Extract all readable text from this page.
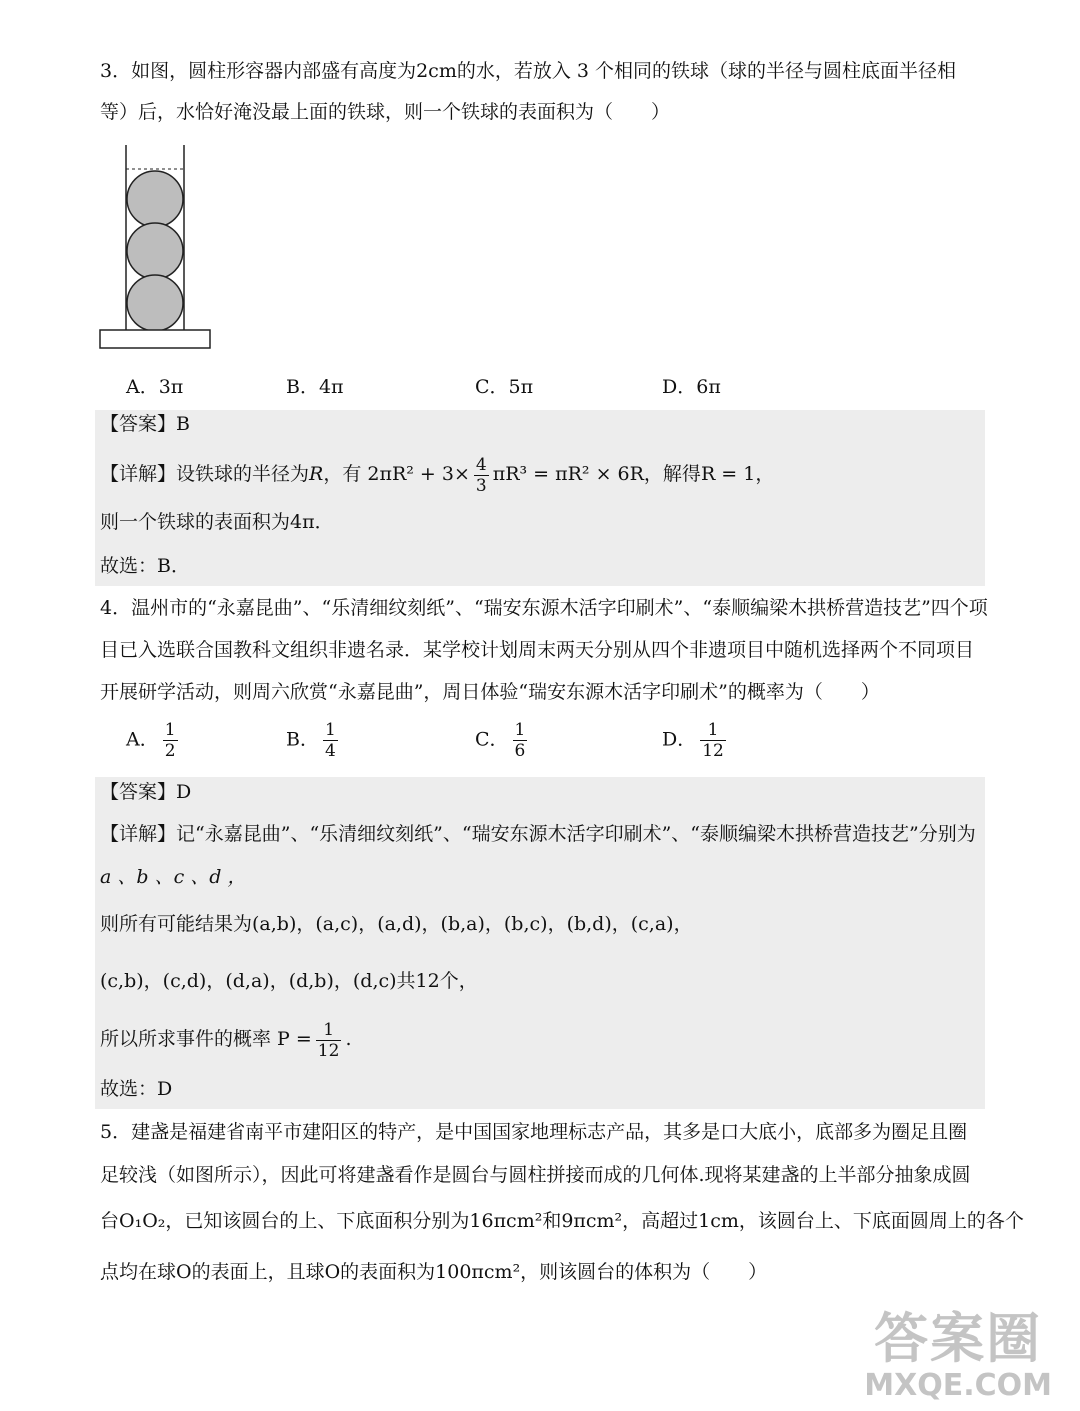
3．如图，圆柱形容器内部盛有高度为2cm的水，若放入 3 个相同的铁球（球的半径与圆柱底面半径相
等）后，水恰好淹没最上面的铁球，则一个铁球的表面积为（　　）
A．3π	B．4π	C．5π	D．6π
【答案】B
【详解】设铁球的半径为R，有 $2\pi R^2 + 3\times \frac{4}{3} \pi R^3 = \pi R^2 \times 6R$，解得R = 1，
则一个铁球的表面积为4π．
故选：B．
4．温州市的“永嘉昆曲”、“乐清细纹刻纸”、“瑞安东源木活字印刷术”、“泰顺编梁木拱桥营造技艺”四个项
目已入选联合国教科文组织非遗名录．某学校计划周末两天分别从四个非遗项目中随机选择两个不同项目
开展研学活动，则周六欣赏“永嘉昆曲”，周日体验“瑞安东源木活字印刷术”的概率为（　　）
A． $\frac{1}{2}$	B． $\frac{1}{4}$	C． $\frac{1}{6}$	D． $\frac{1}{12}$
【答案】D
【详解】记“永嘉昆曲”、“乐清细纹刻纸”、“瑞安东源木活字印刷术”、“泰顺编梁木拱桥营造技艺”分别为
a 、b 、c 、d ，
则所有可能结果为(a,b)，(a,c)，(a,d)，(b,a)，(b,c)，(b,d)，(c,a)，
(c,b)，(c,d)，(d,a)，(d,b)，(d,c)共12个，
所以所求事件的概率 $P = \frac{1}{12}$ .
故选：D
5．建盏是福建省南平市建阳区的特产，是中国国家地理标志产品，其多是口大底小，底部多为圈足且圈
足较浅（如图所示），因此可将建盏看作是圆台与圆柱拼接而成的几何体.现将某建盏的上半部分抽象成圆
台O₁O₂，已知该圆台的上、下底面积分别为16πcm²和9πcm²，高超过1cm，该圆台上、下底面圆周上的各个
点均在球O的表面上，且球O的表面积为100πcm²，则该圆台的体积为（　　）
答案圈
MXQE.COM
